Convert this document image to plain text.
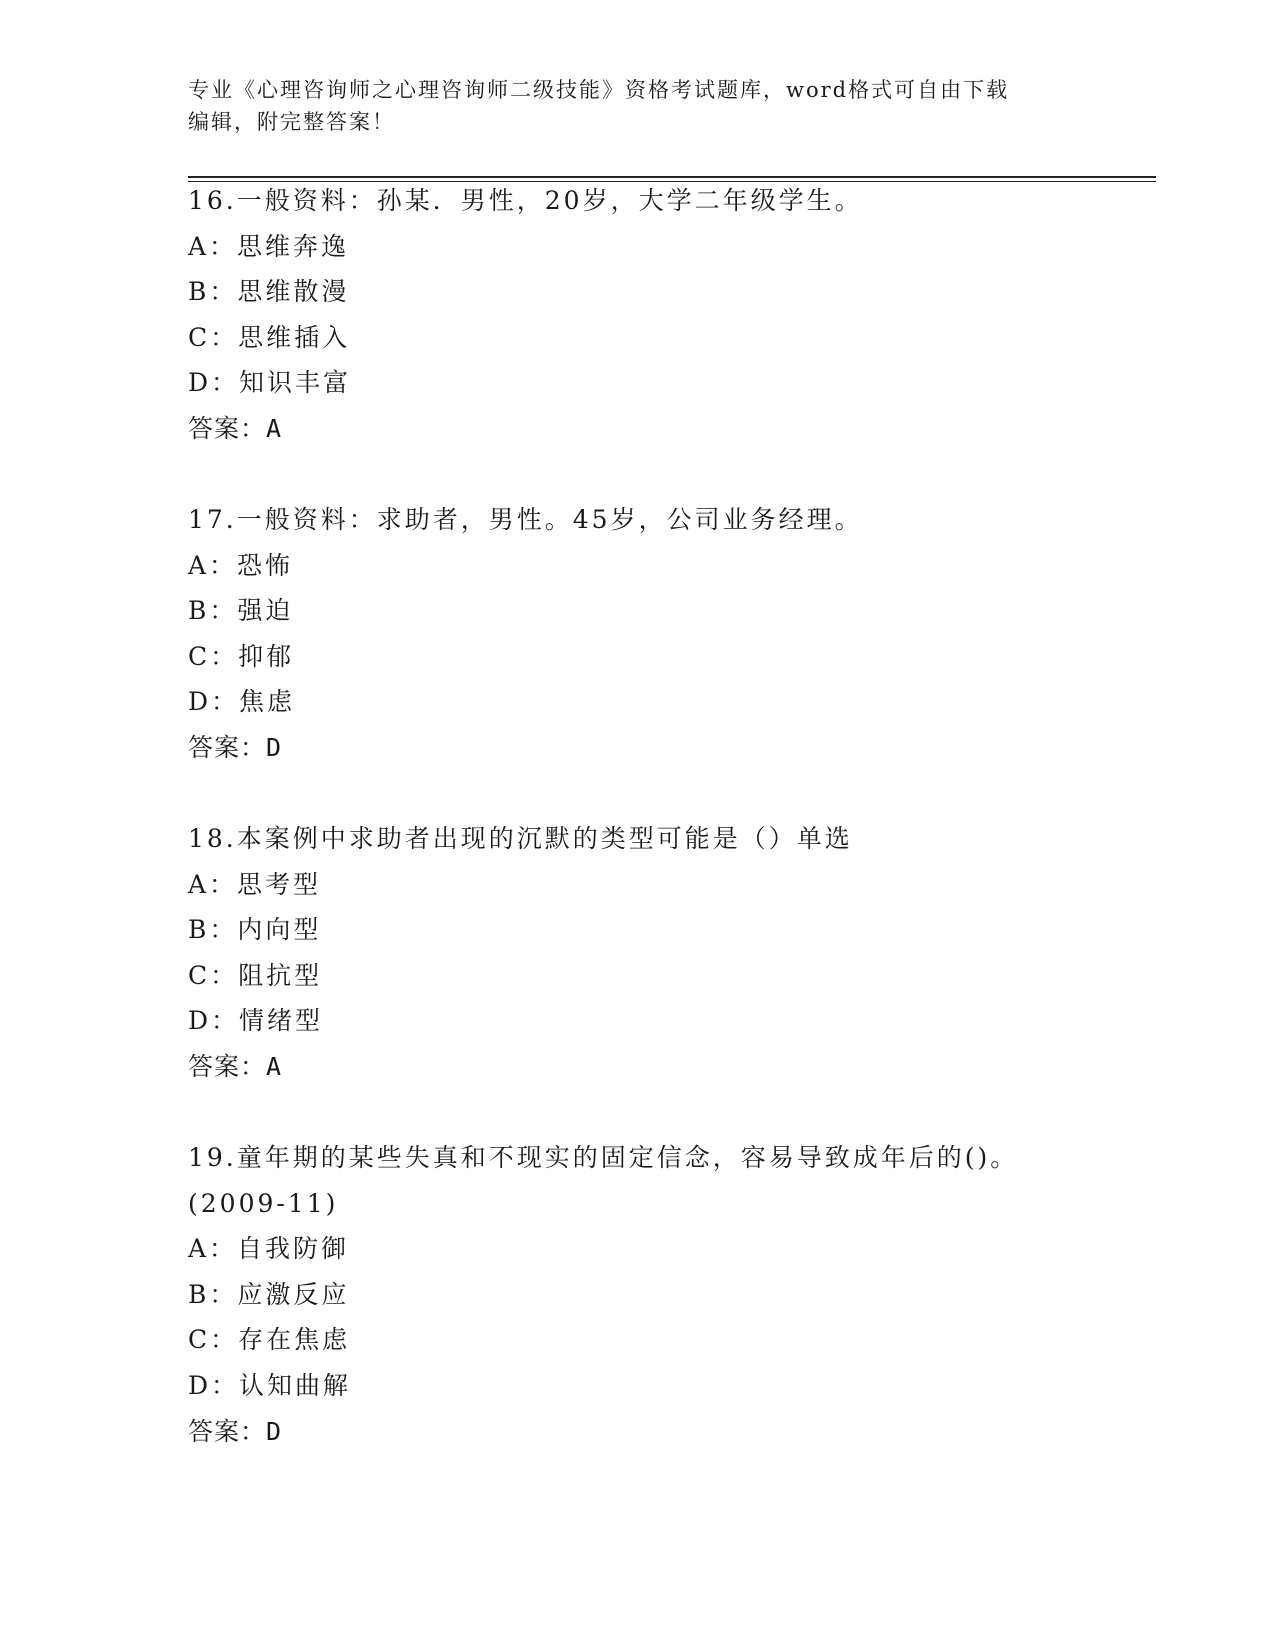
专业《心理咨询师之心理咨询师二级技能》资格考试题库，word格式可自由下载
编辑，附完整答案！
16.一般资料：孙某．男性，20岁，大学二年级学生。
A：思维奔逸
B：思维散漫
C：思维插入
D：知识丰富
答案：A
17.一般资料：求助者，男性。45岁，公司业务经理。
A：恐怖
B：强迫
C：抑郁
D：焦虑
答案：D
18.本案例中求助者出现的沉默的类型可能是（）单选
A：思考型
B：内向型
C：阻抗型
D：情绪型
答案：A
19.童年期的某些失真和不现实的固定信念，容易导致成年后的()。
(2009-11)
A：自我防御
B：应激反应
C：存在焦虑
D：认知曲解
答案：D
